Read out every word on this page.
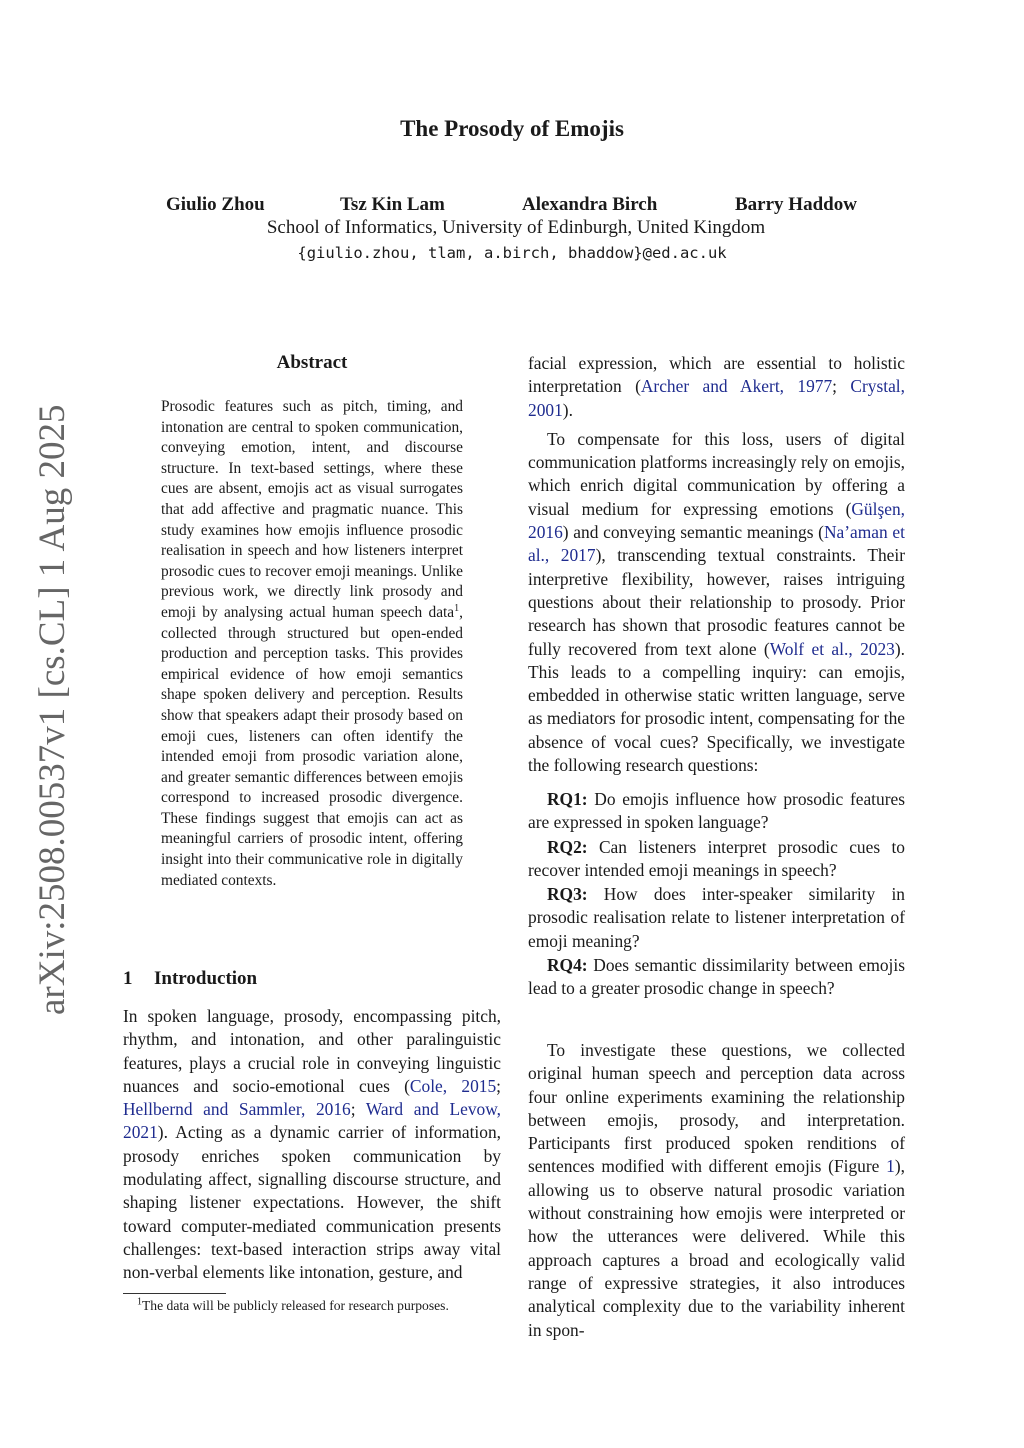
arXiv:2508.00537v1 [cs.CL] 1 Aug 2025
The Prosody of Emojis
Giulio Zhou	Tsz Kin Lam	Alexandra Birch	Barry Haddow
School of Informatics, University of Edinburgh, United Kingdom
{giulio.zhou, tlam, a.birch, bhaddow}@ed.ac.uk
Abstract
Prosodic features such as pitch, timing, and intonation are central to spoken communication, conveying emotion, intent, and discourse structure. In text-based settings, where these cues are absent, emojis act as visual surrogates that add affective and pragmatic nuance. This study examines how emojis influence prosodic realisation in speech and how listeners interpret prosodic cues to recover emoji meanings. Unlike previous work, we directly link prosody and emoji by analysing actual human speech data$^1$, collected through structured but open-ended production and perception tasks. This provides empirical evidence of how emoji semantics shape spoken delivery and perception. Results show that speakers adapt their prosody based on emoji cues, listeners can often identify the intended emoji from prosodic variation alone, and greater semantic differences between emojis correspond to increased prosodic divergence. These findings suggest that emojis can act as meaningful carriers of prosodic intent, offering insight into their communicative role in digitally mediated contexts.
1 Introduction
In spoken language, prosody, encompassing pitch, rhythm, and intonation, and other paralinguistic features, plays a crucial role in conveying linguistic nuances and socio-emotional cues (Cole, 2015; Hellbernd and Sammler, 2016; Ward and Levow, 2021). Acting as a dynamic carrier of information, prosody enriches spoken communication by modulating affect, signalling discourse structure, and shaping listener expectations. However, the shift toward computer-mediated communication presents challenges: text-based interaction strips away vital non-verbal elements like intonation, gesture, and
$^1$The data will be publicly released for research purposes.

facial expression, which are essential to holistic interpretation (Archer and Akert, 1977; Crystal, 2001).

To compensate for this loss, users of digital communication platforms increasingly rely on emojis, which enrich digital communication by offering a visual medium for expressing emotions (Gülşen, 2016) and conveying semantic meanings (Na’aman et al., 2017), transcending textual constraints. Their interpretive flexibility, however, raises intriguing questions about their relationship to prosody. Prior research has shown that prosodic features cannot be fully recovered from text alone (Wolf et al., 2023). This leads to a compelling inquiry: can emojis, embedded in otherwise static written language, serve as mediators for prosodic intent, compensating for the absence of vocal cues? Specifically, we investigate the following research questions:

RQ1: Do emojis influence how prosodic features are expressed in spoken language?

RQ2: Can listeners interpret prosodic cues to recover intended emoji meanings in speech?

RQ3: How does inter-speaker similarity in prosodic realisation relate to listener interpretation of emoji meaning?

RQ4: Does semantic dissimilarity between emojis lead to a greater prosodic change in speech?

To investigate these questions, we collected original human speech and perception data across four online experiments examining the relationship between emojis, prosody, and interpretation. Participants first produced spoken renditions of sentences modified with different emojis (Figure 1), allowing us to observe natural prosodic variation without constraining how emojis were interpreted or how the utterances were delivered. While this approach captures a broad and ecologically valid range of expressive strategies, it also introduces analytical complexity due to the variability inherent in spon-
